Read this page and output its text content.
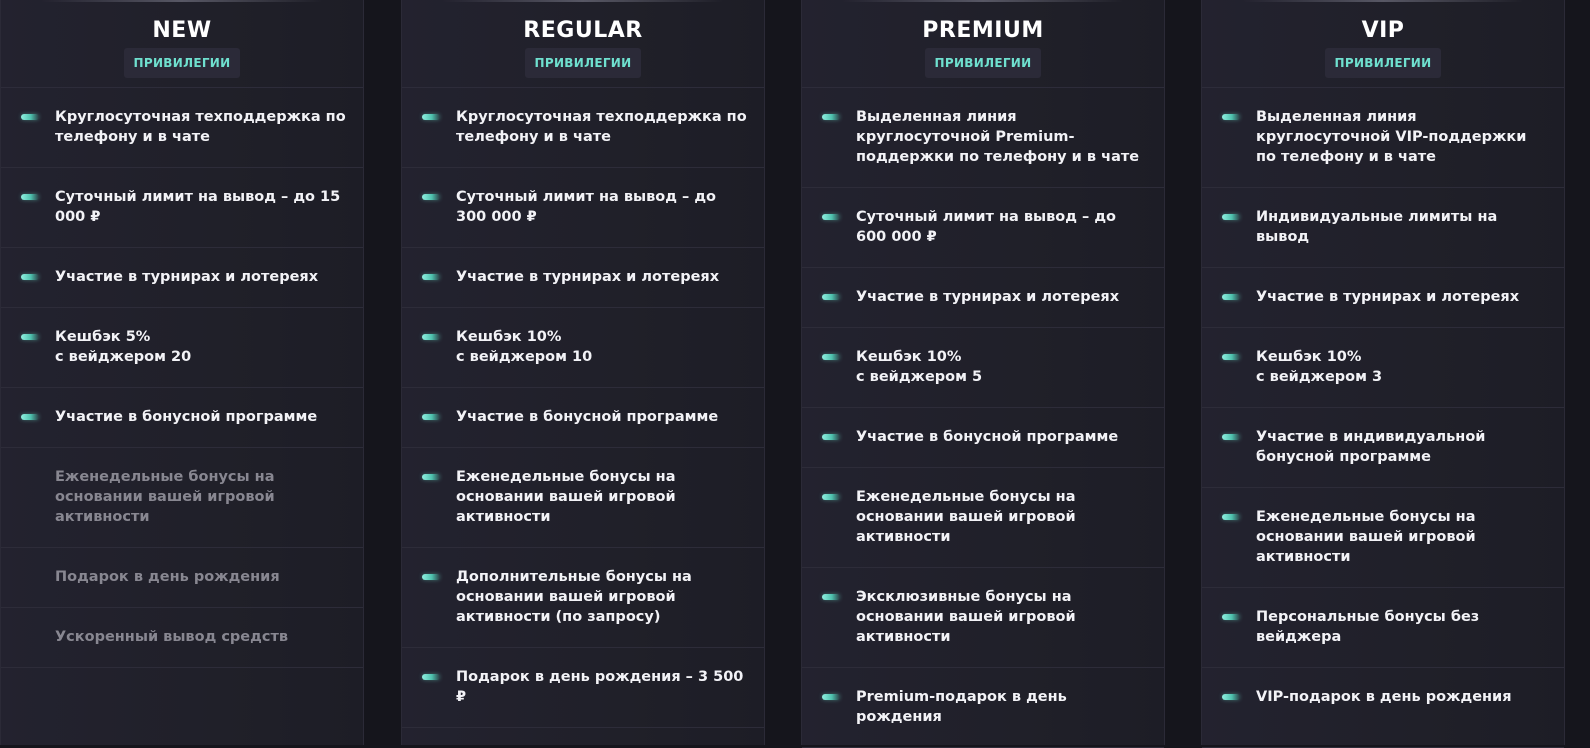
NEW
ПРИВИЛЕГИИ
Круглосуточная техподдержка по телефону и в чате
Суточный лимит на вывод – до 15 000 ₽
Участие в турнирах и лотереях
Кешбэк 5%
с вейджером 20
Участие в бонусной программе
Еженедельные бонусы на основании вашей игровой активности
Подарок в день рождения
Ускоренный вывод средств
REGULAR
ПРИВИЛЕГИИ
Круглосуточная техподдержка по телефону и в чате
Суточный лимит на вывод – до 300 000 ₽
Участие в турнирах и лотереях
Кешбэк 10%
с вейджером 10
Участие в бонусной программе
Еженедельные бонусы на основании вашей игровой активности
Дополнительные бонусы на основании вашей игровой активности (по запросу)
Подарок в день рождения – 3 500 ₽
PREMIUM
ПРИВИЛЕГИИ
Выделенная линия круглосуточной Premium-поддержки по телефону и в чате
Суточный лимит на вывод – до 600 000 ₽
Участие в турнирах и лотереях
Кешбэк 10%
с вейджером 5
Участие в бонусной программе
Еженедельные бонусы на основании вашей игровой активности
Эксклюзивные бонусы на основании вашей игровой активности
Premium-подарок в день рождения
VIP
ПРИВИЛЕГИИ
Выделенная линия круглосуточной VIP-поддержки по телефону и в чате
Индивидуальные лимиты на вывод
Участие в турнирах и лотереях
Кешбэк 10%
с вейджером 3
Участие в индивидуальной бонусной программе
Еженедельные бонусы на основании вашей игровой активности
Персональные бонусы без вейджера
VIP-подарок в день рождения
